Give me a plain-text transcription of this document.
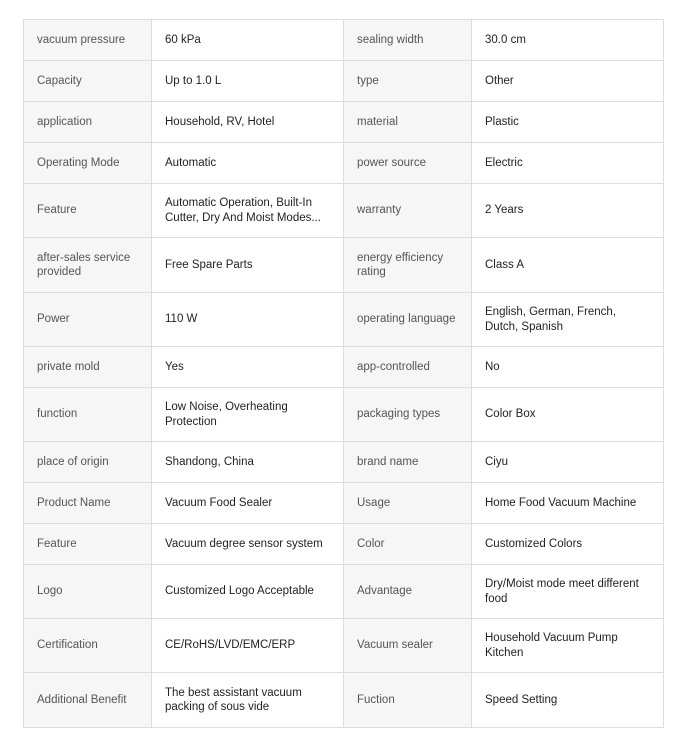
vacuum pressure	60 kPa	sealing width	30.0 cm
Capacity	Up to 1.0 L	type	Other
application	Household, RV, Hotel	material	Plastic
Operating Mode	Automatic	power source	Electric
Feature	Automatic Operation, Built-In Cutter, Dry And Moist Modes...	warranty	2 Years
after-sales service provided	Free Spare Parts	energy efficiency rating	Class A
Power	110 W	operating language	English, German, French, Dutch, Spanish
private mold	Yes	app-controlled	No
function	Low Noise, Overheating Protection	packaging types	Color Box
place of origin	Shandong, China	brand name	Ciyu
Product Name	Vacuum Food Sealer	Usage	Home Food Vacuum Machine
Feature	Vacuum degree sensor system	Color	Customized Colors
Logo	Customized Logo Acceptable	Advantage	Dry/Moist mode meet different food
Certification	CE/RoHS/LVD/EMC/ERP	Vacuum sealer	Household Vacuum Pump Kitchen
Additional Benefit	The best assistant vacuum packing of sous vide	Fuction	Speed Setting
